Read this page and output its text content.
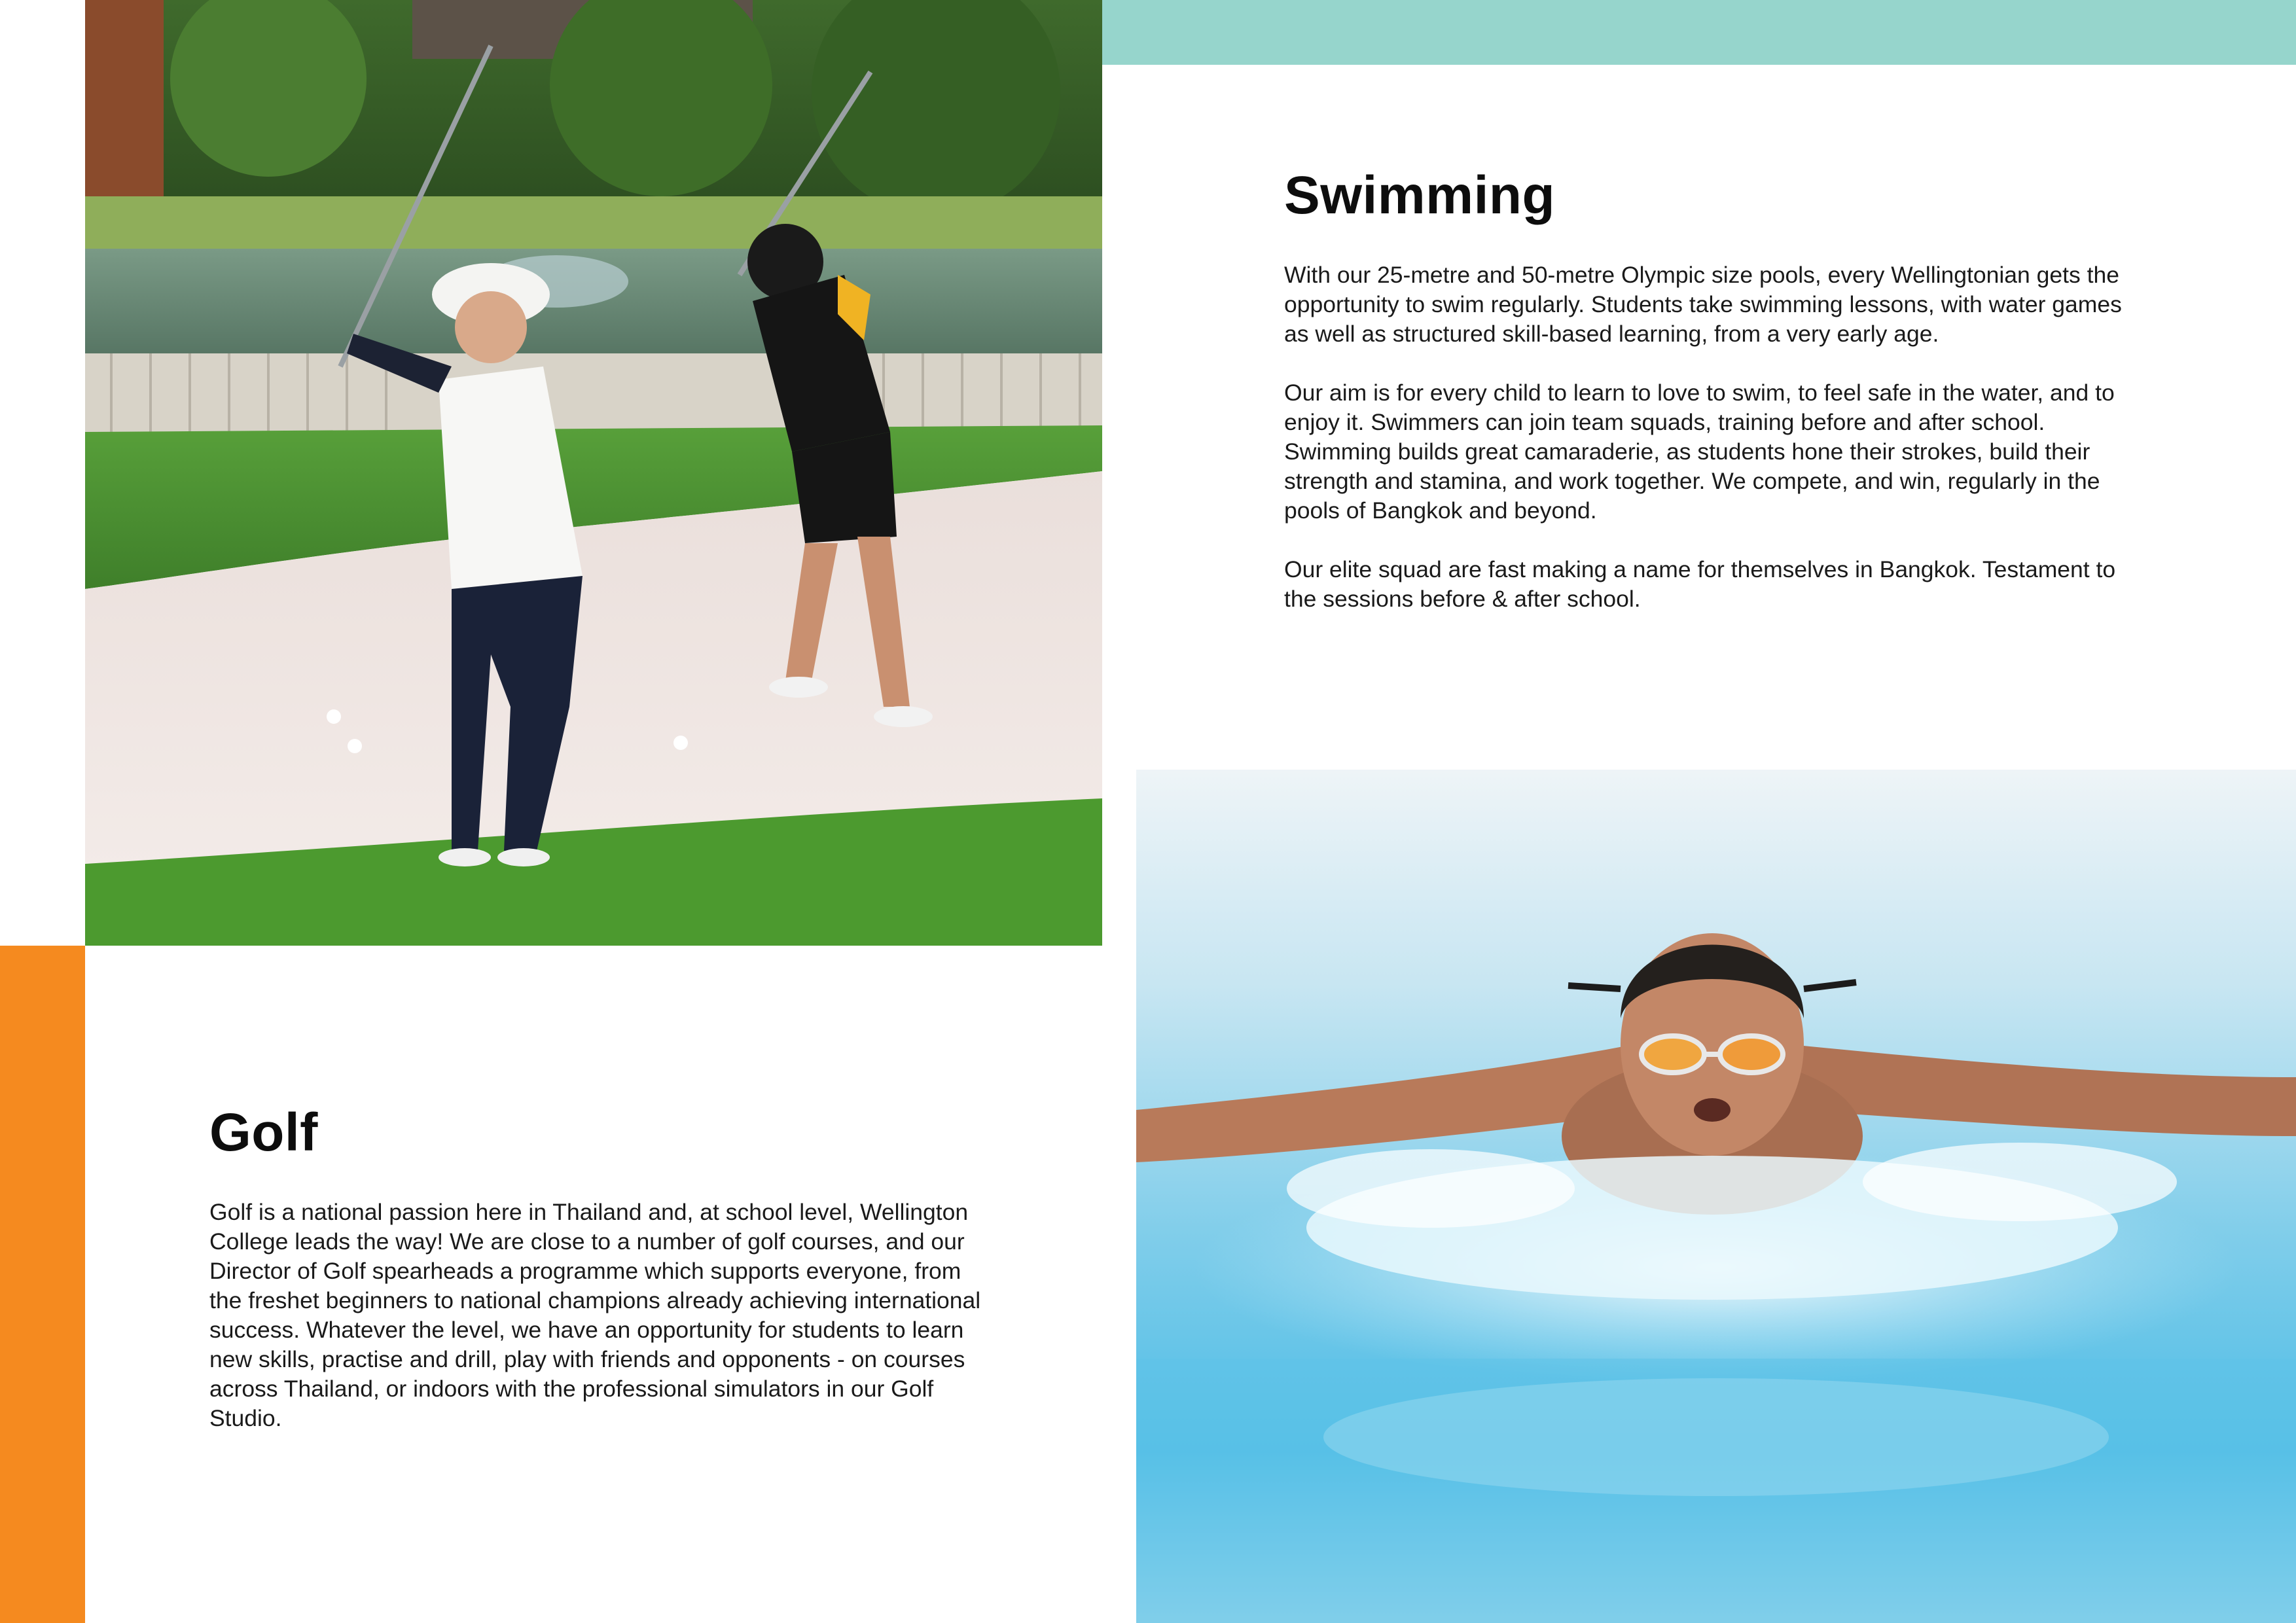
Swimming

With our 25-metre and 50-metre Olympic size pools, every Wellingtonian gets the opportunity to swim regularly. Students take swimming lessons, with water games as well as structured skill-based learning, from a very early age.

Our aim is for every child to learn to love to swim, to feel safe in the water, and to enjoy it. Swimmers can join team squads, training before and after school. Swimming builds great camaraderie, as students hone their strokes, build their strength and stamina, and work together. We compete, and win, regularly in the pools of Bangkok and beyond.

Our elite squad are fast making a name for themselves in Bangkok. Testament to the sessions before & after school.

Golf

Golf is a national passion here in Thailand and, at school level, Wellington College leads the way! We are close to a number of golf courses, and our Director of Golf spearheads a programme which supports everyone, from the freshet beginners to national champions already achieving international success. Whatever the level, we have an opportunity for students to learn new skills, practise and drill, play with friends and opponents - on courses across Thailand, or indoors with the professional simulators in our Golf Studio.
